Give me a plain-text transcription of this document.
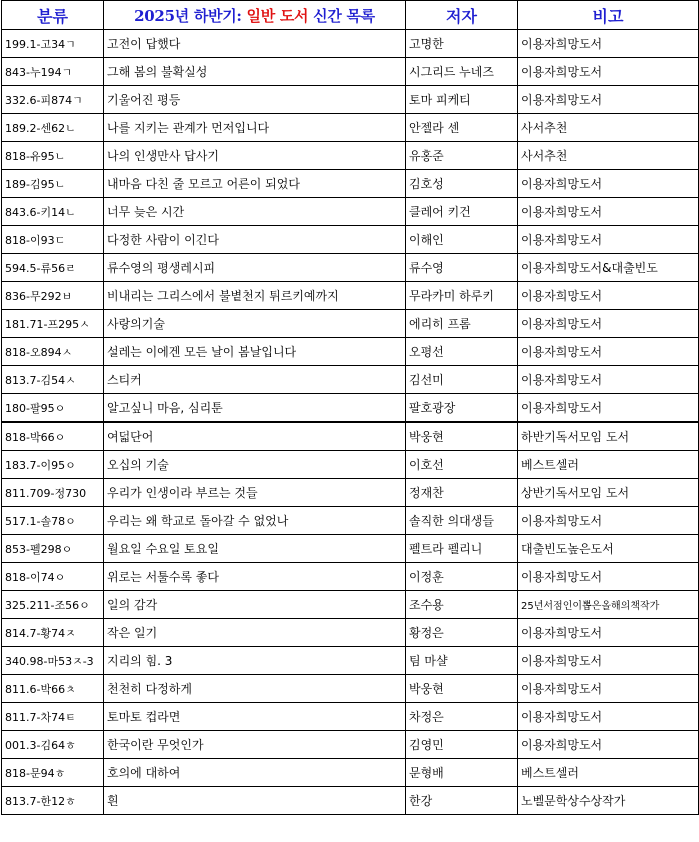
분류	2025년 하반기: 일반 도서 신간 목록	저자	비고
199.1-고34ㄱ	고전이 답했다	고명한	이용자희망도서
843-누194ㄱ	그해 봄의 불확실성	시그리드 누네즈	이용자희망도서
332.6-피874ㄱ	기울어진 평등	토마 피케티	이용자희망도서
189.2-센62ㄴ	나를 지키는 관계가 먼저입니다	안젤라 센	사서추천
818-유95ㄴ	나의 인생만사 답사기	유홍준	사서추천
189-김95ㄴ	내마음 다친 줄 모르고 어른이 되었다	김호성	이용자희망도서
843.6-키14ㄴ	너무 늦은 시간	클레어 키건	이용자희망도서
818-이93ㄷ	다정한 사람이 이긴다	이해인	이용자희망도서
594.5-류56ㄹ	류수영의 평생레시피	류수영	이용자희망도서&대출빈도
836-무292ㅂ	비내리는 그리스에서 불볕천지 튀르키예까지	무라카미 하루키	이용자희망도서
181.71-프295ㅅ	사랑의기술	에리히 프롬	이용자희망도서
818-오894ㅅ	설레는 이에겐 모든 날이 봄날입니다	오평선	이용자희망도서
813.7-김54ㅅ	스티커	김선미	이용자희망도서
180-팔95ㅇ	알고싶니 마음, 심리툰	팔호광장	이용자희망도서
818-박66ㅇ	여덟단어	박웅현	하반기독서모임 도서
183.7-이95ㅇ	오십의 기술	이호선	베스트셀러
811.709-정730	우리가 인생이라 부르는 것들	정재찬	상반기독서모임 도서
517.1-솔78ㅇ	우리는 왜 학교로 돌아갈 수 없었나	솔직한 의대생들	이용자희망도서
853-펠298ㅇ	월요일 수요일 토요일	펠트라 펠리니	대출빈도높은도서
818-이74ㅇ	위로는 서툴수록 좋다	이정훈	이용자희망도서
325.211-조56ㅇ	일의 감각	조수용	25년서점인이뽑은올해의책작가
814.7-황74ㅈ	작은 일기	황정은	이용자희망도서
340.98-마53ㅈ-3	지리의 힘. 3	팀 마샬	이용자희망도서
811.6-박66ㅊ	천천히 다정하게	박웅현	이용자희망도서
811.7-차74ㅌ	토마토 컵라면	차정은	이용자희망도서
001.3-김64ㅎ	한국이란 무엇인가	김영민	이용자희망도서
818-문94ㅎ	호의에 대하여	문형배	베스트셀러
813.7-한12ㅎ	흰	한강	노벨문학상수상작가
